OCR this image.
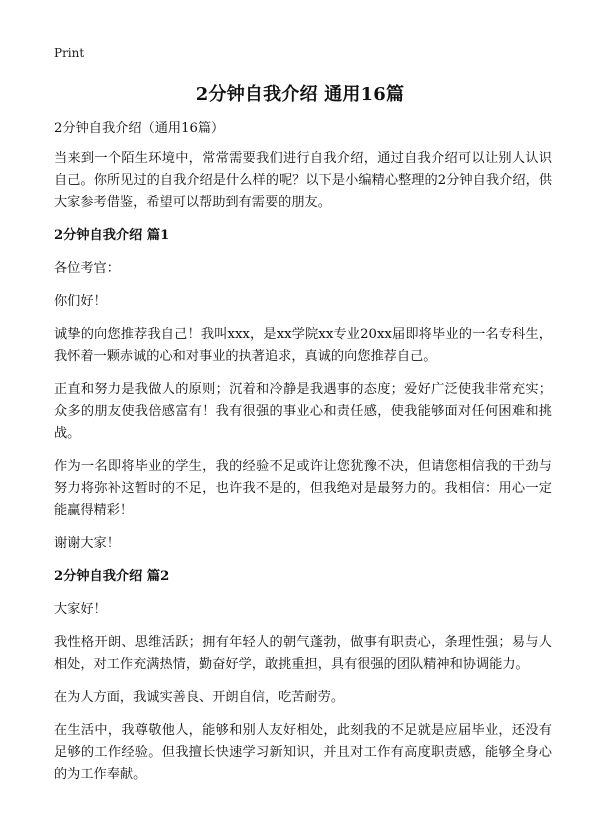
Print
2分钟自我介绍 通用16篇

2分钟自我介绍（通用16篇）

当来到一个陌生环境中，常常需要我们进行自我介绍，通过自我介绍可以让别人认识自己。你所见过的自我介绍是什么样的呢？以下是小编精心整理的2分钟自我介绍，供大家参考借鉴，希望可以帮助到有需要的朋友。

2分钟自我介绍 篇1

各位考官：

你们好！

诚挚的向您推荐我自己！我叫xxx，是xx学院xx专业20xx届即将毕业的一名专科生，我怀着一颗赤诚的心和对事业的执著追求，真诚的向您推荐自己。

正直和努力是我做人的原则；沉着和冷静是我遇事的态度；爱好广泛使我非常充实；众多的朋友使我倍感富有！我有很强的事业心和责任感，使我能够面对任何困难和挑战。

作为一名即将毕业的学生，我的经验不足或许让您犹豫不决，但请您相信我的干劲与努力将弥补这暂时的不足，也许我不是的，但我绝对是最努力的。我相信：用心一定能赢得精彩！

谢谢大家！

2分钟自我介绍 篇2

大家好！

我性格开朗、思维活跃；拥有年轻人的朝气蓬勃，做事有职责心，条理性强；易与人相处，对工作充满热情，勤奋好学，敢挑重担，具有很强的团队精神和协调能力。

在为人方面，我诚实善良、开朗自信，吃苦耐劳。

在生活中，我尊敬他人，能够和别人友好相处，此刻我的不足就是应届毕业，还没有足够的工作经验。但我擅长快速学习新知识，并且对工作有高度职责感，能够全身心的为工作奉献。
